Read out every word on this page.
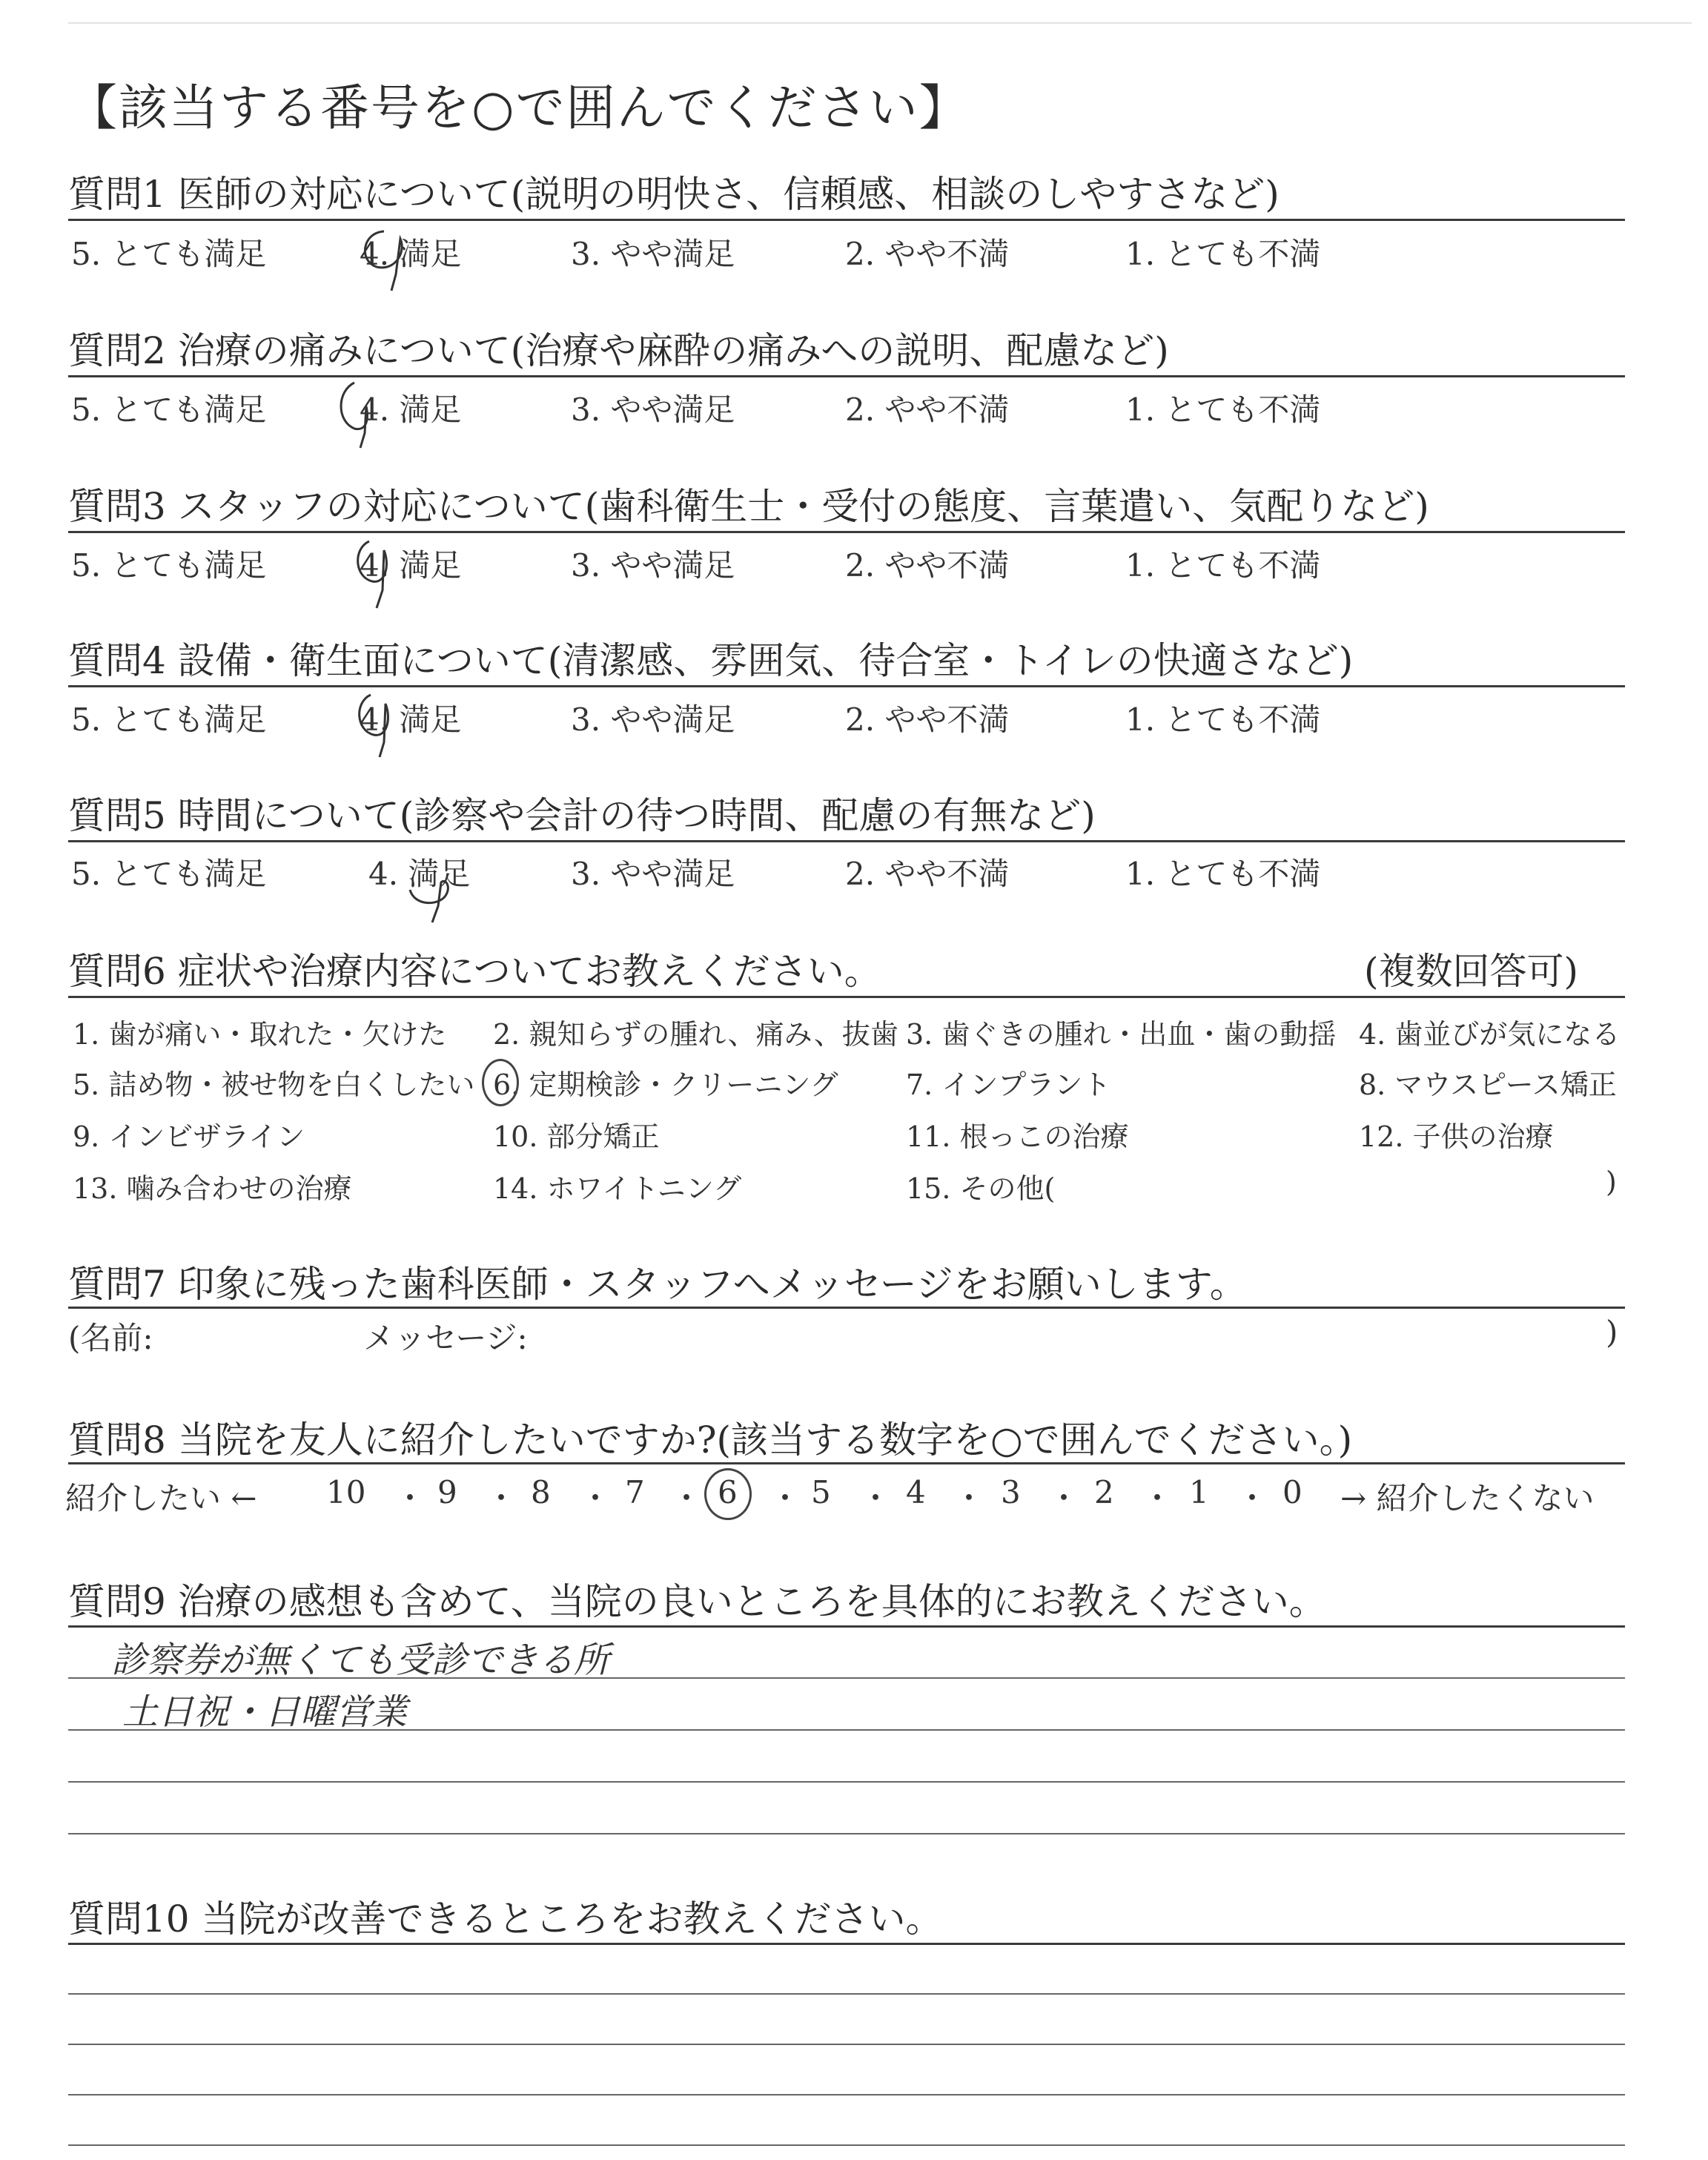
【該当する番号を○で囲んでください】
質問1 医師の対応について(説明の明快さ、信頼感、相談のしやすさなど)
5. とても満足	4. 満足	3. やや満足	2. やや不満	1. とても不満
質問2 治療の痛みについて(治療や麻酔の痛みへの説明、配慮など)
5. とても満足	4. 満足	3. やや満足	2. やや不満	1. とても不満
質問3 スタッフの対応について(歯科衛生士・受付の態度、言葉遣い、気配りなど)
5. とても満足	4. 満足	3. やや満足	2. やや不満	1. とても不満
質問4 設備・衛生面について(清潔感、雰囲気、待合室・トイレの快適さなど)
5. とても満足	4. 満足	3. やや満足	2. やや不満	1. とても不満
質問5 時間について(診察や会計の待つ時間、配慮の有無など)
5. とても満足	4. 満足	3. やや満足	2. やや不満	1. とても不満
質問6 症状や治療内容についてお教えください。	(複数回答可)
1. 歯が痛い・取れた・欠けた 2. 親知らずの腫れ、痛み、抜歯 3. 歯ぐきの腫れ・出血・歯の動揺 4. 歯並びが気になる
5. 詰め物・被せ物を白くしたい 6. 定期検診・クリーニング 7. インプラント	8. マウスピース矯正
9. インビザライン	10. 部分矯正	11. 根っこの治療	12. 子供の治療
13. 噛み合わせの治療	14. ホワイトニング	15. その他(	)
質問7 印象に残った歯科医師・スタッフへメッセージをお願いします。
(名前:	メッセージ:	)
質問8 当院を友人に紹介したいですか?(該当する数字を○で囲んでください。)
紹介したい ←	→ 紹介したくない
10 ・ 9 ・ 8 ・ 7 ・ 6 ・ 5 ・ 4 ・ 3 ・ 2 ・ 1 ・ 0
質問9 治療の感想も含めて、当院の良いところを具体的にお教えください。
診察券が無くても受診できる所
土日祝・日曜営業
質問10 当院が改善できるところをお教えください。
